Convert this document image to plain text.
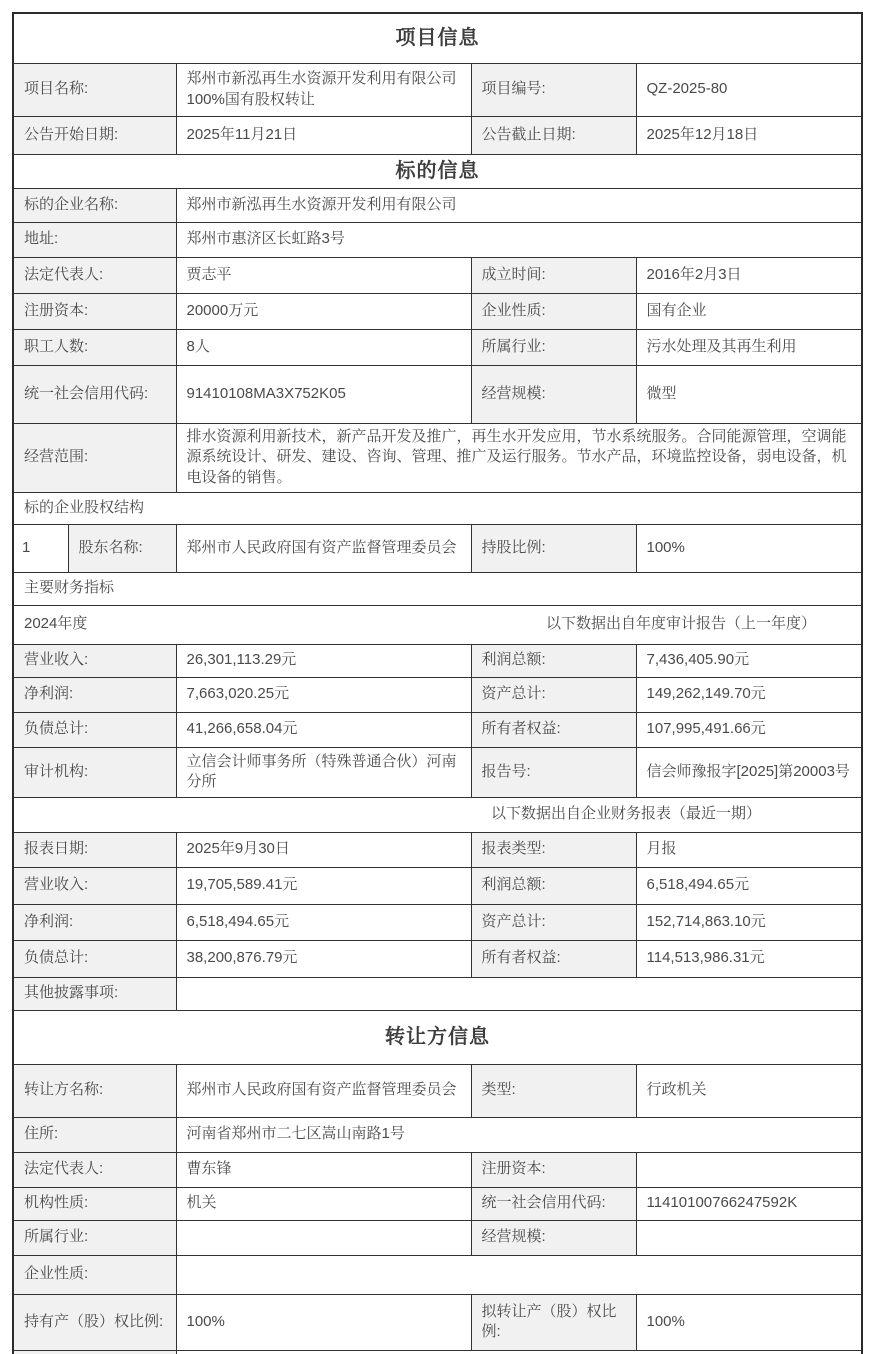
项目信息				
项目名称:		郑州市新泓再生水资源开发利用有限公司100%国有股权转让	项目编号:	QZ-2025-80
公告开始日期:		2025年11月21日	公告截止日期:	2025年12月18日
标的信息				
标的企业名称:		郑州市新泓再生水资源开发利用有限公司		
地址:		郑州市惠济区长虹路3号		
法定代表人:		贾志平	成立时间:	2016年2月3日
注册资本:		20000万元	企业性质:	国有企业
职工人数:		8人	所属行业:	污水处理及其再生利用
统一社会信用代码:		91410108MA3X752K05	经营规模:	微型
经营范围:		排水资源利用新技术，新产品开发及推广，再生水开发应用，节水系统服务。合同能源管理，空调能源系统设计、研发、建设、咨询、管理、推广及运行服务。节水产品，环境监控设备，弱电设备，机电设备的销售。		
标的企业股权结构				
1	股东名称:	郑州市人民政府国有资产监督管理委员会	持股比例:	100%
主要财务指标				

2024年度 以下数据出自年度审计报告（上一年度）				

营业收入:		26,301,113.29元	利润总额:	7,436,405.90元
净利润:		7,663,020.25元	资产总计:	149,262,149.70元
负债总计:		41,266,658.04元	所有者权益:	107,995,491.66元
审计机构:		立信会计师事务所（特殊普通合伙）河南分所	报告号:	信会师豫报字[2025]第20003号
以下数据出自企业财务报表（最近一期）				
报表日期:		2025年9月30日	报表类型:	月报
营业收入:		19,705,589.41元	利润总额:	6,518,494.65元
净利润:		6,518,494.65元	资产总计:	152,714,863.10元
负债总计:		38,200,876.79元	所有者权益:	114,513,986.31元
其他披露事项:				
转让方信息				
转让方名称:		郑州市人民政府国有资产监督管理委员会	类型:	行政机关
住所:		河南省郑州市二七区嵩山南路1号		
法定代表人:		曹东锋	注册资本:	
机构性质:		机关	统一社会信用代码:	11410100766247592K
所属行业:			经营规模:	
企业性质:				
持有产（股）权比例:		100%	拟转让产（股）权比例:	100%
